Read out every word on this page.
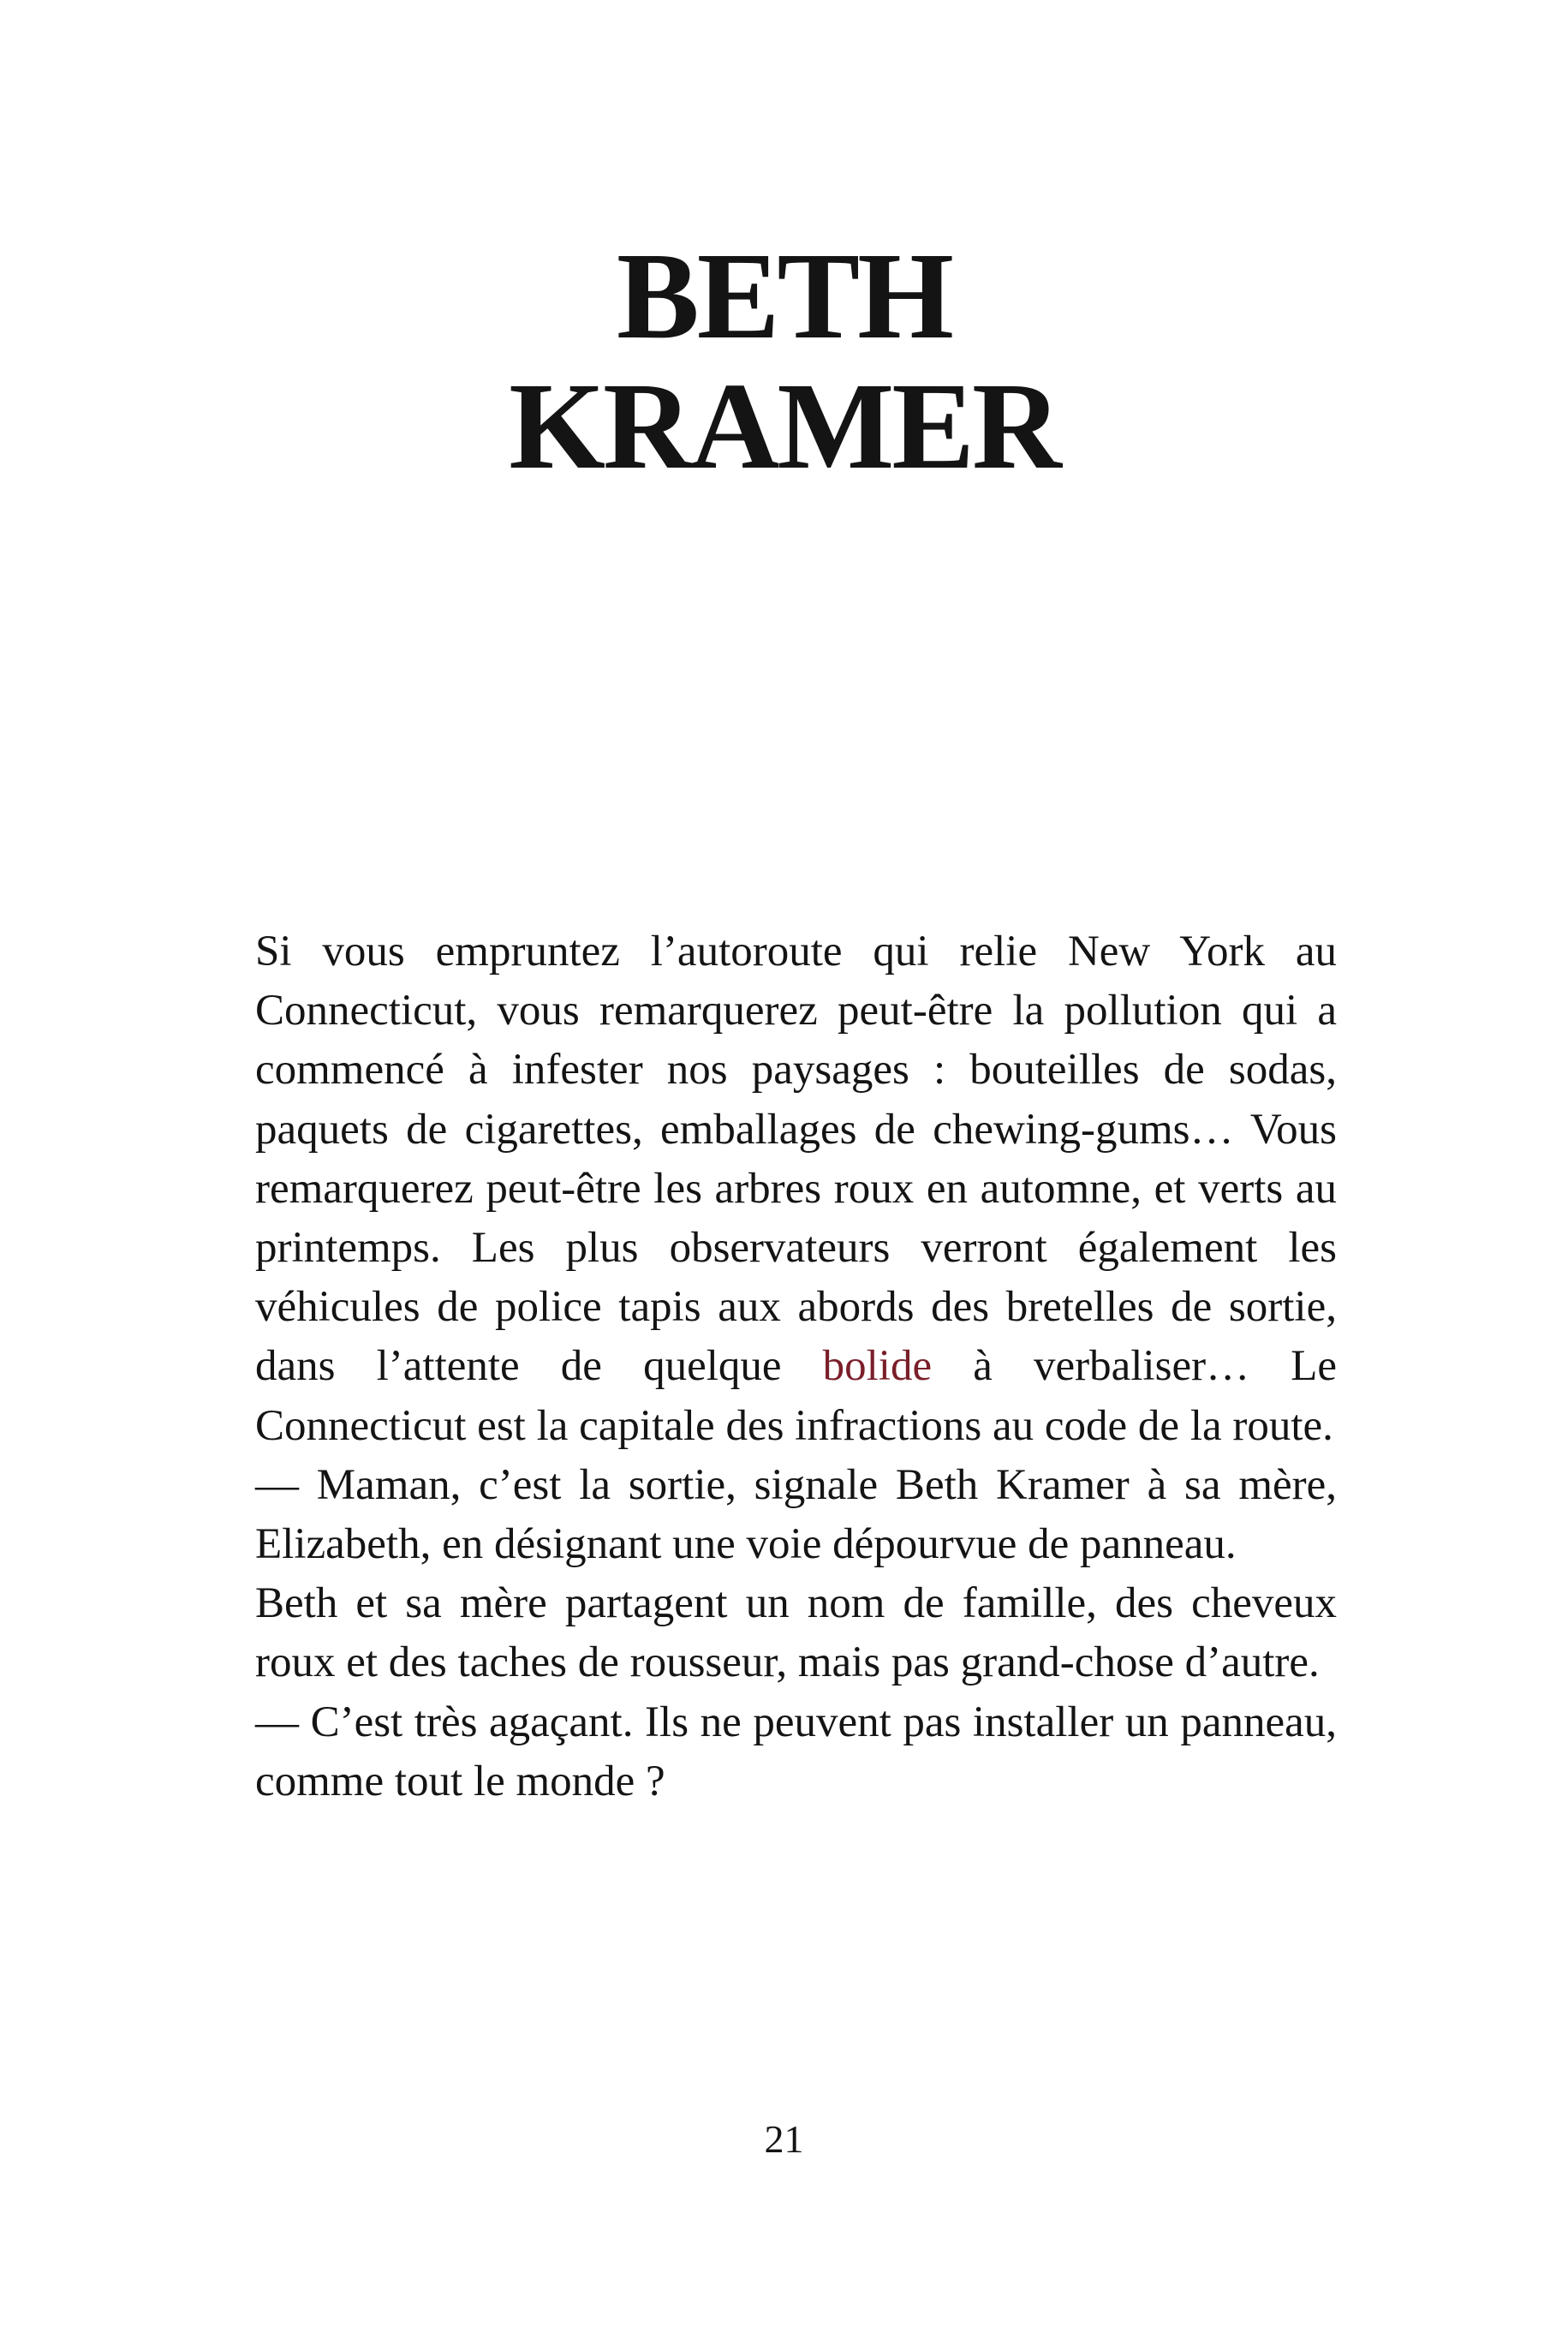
BETH
KRAMER

Si vous empruntez l’autoroute qui relie New York au Connecticut, vous remarquerez peut-être la pollution qui a commencé à infester nos paysages : bouteilles de sodas, paquets de cigarettes, emballages de chewing-gums… Vous remarquerez peut-être les arbres roux en automne, et verts au printemps. Les plus observateurs verront également les véhicules de police tapis aux abords des bretelles de sortie, dans l’attente de quelque bolide à verbaliser… Le Connecticut est la capitale des infractions au code de la route.

— Maman, c’est la sortie, signale Beth Kramer à sa mère, Elizabeth, en désignant une voie dépourvue de panneau.

Beth et sa mère partagent un nom de famille, des cheveux roux et des taches de rousseur, mais pas grand-chose d’autre.

— C’est très agaçant. Ils ne peuvent pas installer un panneau, comme tout le monde ?

21
